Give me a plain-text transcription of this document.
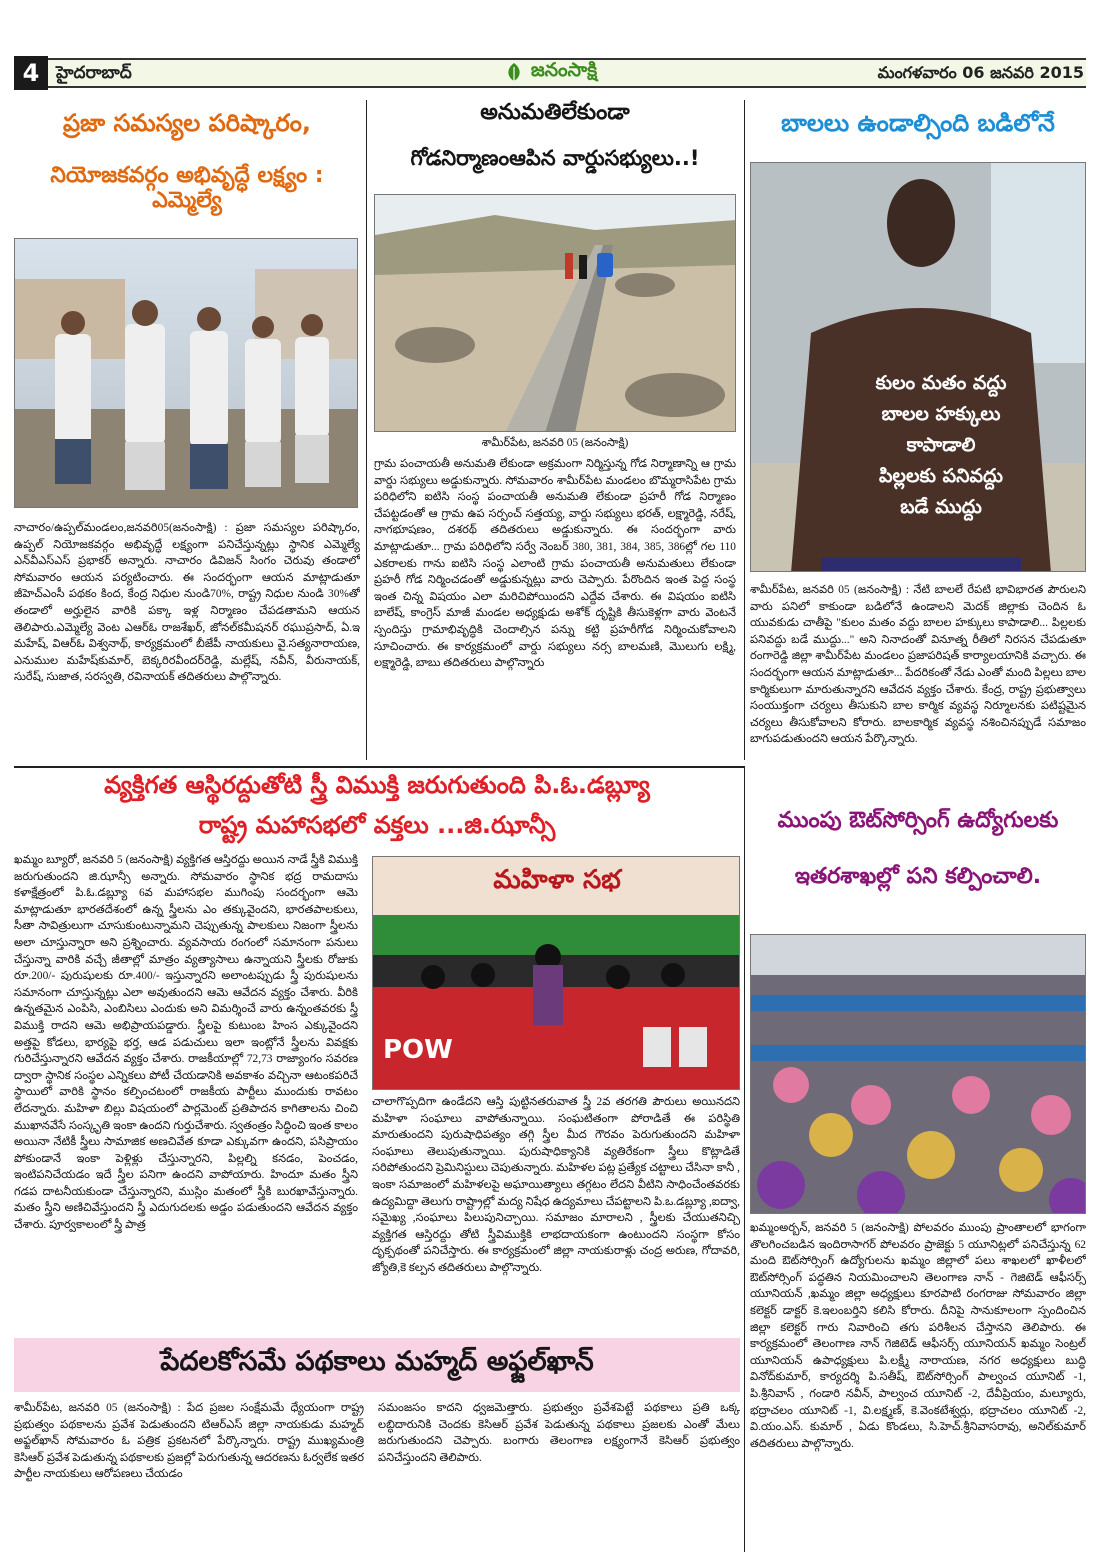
4 హైదరాబాద్	జనంసాక్షి	మంగళవారం 06 జనవరి 2015
ప్రజా సమస్యల పరిష్కారం,
నియోజకవర్గం అభివృద్ధే లక్ష్యం : ఎమ్మెల్యే
నాచారం/ఉప్పల్‌మండలం,జనవరి05(జనంసాక్షి) : ప్రజా సమస్యల పరిష్కారం, ఉప్పల్ నియోజకవర్గం అభివృద్ధే లక్ష్యంగా పనిచేస్తున్నట్లు స్థానిక ఎమ్మెల్యే ఎన్‌వీఎస్‌ఎస్ ప్రభాకర్ అన్నారు. నాచారం డివిజన్ సింగం చెరువు తండాలో సోమవారం ఆయన పర్యటించారు. ఈ సందర్భంగా ఆయన మాట్లాడుతూ జీహెచ్‌ఎంసీ పథకం కింద, కేంద్ర నిధుల నుండి70%, రాష్ట్ర నిధుల నుండి 30%తో తండాలో అర్హులైన వారికి పక్కా ఇళ్ల నిర్మాణం చేపడతామని ఆయన తెలిపారు.ఎమ్మెల్యే వెంట ఎఆర్‌ఓ రాజశేఖర్, జోనల్‌కమీషనర్ రఘుప్రసాద్, ఏ.ఇ మహేష్, విఆర్‌ఓ విశ్వనాథ్, కార్యక్రమంలో బీజేపీ నాయకులు వై.సత్యనారాయణ, ఎనుముల మహేష్‌కుమార్, బెక్కరిరవీందర్‌రెడ్డి, మల్లేష్, నవీన్, వీరునాయక్, సురేష్, సుజాత, సరస్వతి, రవినాయక్ తదితరులు పాల్గొన్నారు.
అనుమతిలేకుండా
గోడనిర్మాణంఆపిన వార్డుసభ్యులు..!
శామీర్‌పేట, జనవరి 05 (జనంసాక్షి)
గ్రామ పంచాయతీ అనుమతి లేకుండా అక్రమంగా నిర్మిస్తున్న గోడ నిర్మాణాన్ని ఆ గ్రామ వార్డు సభ్యులు అడ్డుకున్నారు. సోమవారం శామీర్‌పేట మండలం బొమ్మరాసిపేట గ్రామ పరిధిలోని ఐటిసి సంస్థ పంచాయతీ అనుమతి లేకుండా ప్రహరీ గోడ నిర్మాణం చేపట్టడంతో ఆ గ్రామ ఉప సర్పంచ్ సత్తయ్య, వార్డు సభ్యులు భరత్, లక్ష్మారెడ్డి, నరేష్, నాగభూషణం, దశరథ్ తదితరులు అడ్డుకున్నారు. ఈ సందర్భంగా వారు మాట్లాడుతూ... గ్రామ పరిధిలోని సర్వే నెంబర్ 380, 381, 384, 385, 386ల్లో గల 110 ఎకరాలకు గాను ఐటిసి సంస్థ ఎలాంటి గ్రామ పంచాయతీ అనుమతులు లేకుండా ప్రహరీ గోడ నిర్మించడంతో అడ్డుకున్నట్లు వారు చెప్పారు. పేరొందిన ఇంత పెద్ద సంస్థ ఇంత చిన్న విషయం ఎలా మరిచిపోయిందని ఎద్దేవ చేశారు. ఈ విషయం ఐటిసి బాలేష్, కాంగ్రెస్ మాజీ మండల అధ్యక్షుడు అశోక్ దృష్టికి తీసుకెళ్లగా వారు వెంటనే స్పందిస్తు గ్రామాభివృద్ధికి చెందాల్సిన పన్ను కట్టి ప్రహరీగోడ నిర్మించుకోవాలని సూచించారు. ఈ కార్యక్రమంలో వార్డు సభ్యులు నర్స బాలమణి, మొలుగు లక్ష్మి, లక్ష్మారెడ్డి, బాబు తదితరులు పాల్గొన్నారు
బాలలు ఉండాల్సింది బడిలోనే
కులం మతం వద్దు
బాలల హక్కులు
కాపాడాలి
పిల్లలకు పనివద్దు
బడే ముద్దు
శామీర్‌పేట, జనవరి 05 (జనంసాక్షి) : నేటి బాలలే రేపటి భావిభారత పౌరులని వారు పనిలో కాకుండా బడిలోనే ఉండాలని మెదక్ జిల్లాకు చెందిన ఓ యువకుడు చాతీపై "కులం మతం వద్దు బాలల హక్కులు కాపాడాలి... పిల్లలకు పనివద్దు బడే ముద్దు..." అని నినాదంతో వినూత్న రీతిలో నిరసన చేపడుతూ రంగారెడ్డి జిల్లా శామీర్‌పేట మండలం ప్రజాపరిషత్ కార్యాలయానికి వచ్చారు. ఈ సందర్భంగా ఆయన మాట్లాడుతూ... పేదరికంతో నేడు ఎంతో మంది పిల్లలు బాల కార్మికులుగా మారుతున్నారని ఆవేదన వ్యక్తం చేశారు. కేంద్ర, రాష్ట్ర ప్రభుత్వాలు సంయుక్తంగా చర్యలు తీసుకుని బాల కార్మిక వ్యవస్థ నిర్మూలనకు పటిష్టమైన చర్యలు తీసుకోవాలని కోరారు. బాలకార్మిక వ్యవస్థ నశించినప్పుడే సమాజం బాగుపడుతుందని ఆయన పేర్కొన్నారు.
వ్యక్తిగత ఆస్థిరద్దుతోటి స్త్రీ విముక్తి జరుగుతుంది పి.ఓ.డబ్ల్యూ
రాష్ట్ర మహాసభలో వక్తలు ...జి.ఝాన్సీ
ఖమ్మం బ్యూరో, జనవరి 5 (జనంసాక్షి) వ్యక్తిగత ఆస్తిరద్దు అయిన నాడే స్త్రీకి విముక్తి జరుగుతుందని జి.ఝాన్సీ అన్నారు. సోమవారం స్థానిక భద్ర రామదాసు కళాక్షేత్రంలో పి.ఓ.డబ్ల్యూ 6వ మహాసభల ముగింపు సందర్భంగా ఆమె మాట్లాడుతూ భారతదేశంలో ఉన్న స్త్రీలను ఎం తక్కువైందని, భారతపాలకులు, సీతా సావిత్రులుగా చూసుకుంటున్నామని చెప్పుతున్న పాలకులు నిజంగా స్త్రీలను అలా చూస్తున్నారా అని ప్రశ్నించారు. వ్యవసాయ రంగంలో సమానంగా పనులు చేస్తున్నా వారికి వచ్చే జీతాల్లో మాత్రం వ్యత్యాసాలు ఉన్నాయని స్త్రీలకు రోజుకు రూ.200/- పురుషులకు రూ.400/- ఇస్తున్నారని అలాంటప్పుడు స్త్రీ పురుషులను సమానంగా చూస్తున్నట్లు ఎలా అవుతుందని ఆమె ఆవేదన వ్యక్తం చేశారు. వీరికి ఉన్నతమైన ఎంపిసి, ఎంబిసిలు ఎందుకు అని విమర్శించే వారు ఉన్నంతవరకు స్త్రీ విముక్తి రాదని ఆమె అభిప్రాయపడ్డారు. స్త్రీలపై కుటుంబ హింస ఎక్కువైందని అత్తపై కోడలు, భార్యపై భర్త, ఆడ పడుచులు ఇలా ఇంట్లోనే స్త్రీలను వివక్షకు గురిచేస్తున్నారని ఆవేదన వ్యక్తం చేశారు. రాజకీయాల్లో 72,73 రాజ్యాంగం సవరణ ద్వారా స్థానిక సంస్థల ఎన్నికలు పోటీ చేయడానికి అవకాశం వచ్చినా ఆటంకపరిచే స్థాయిలో వారికి స్థానం కల్పించటంలో రాజకీయ పార్టీలు ముందుకు రావటం లేదన్నారు. మహిళా బిల్లు విషయంలో పార్లమెంట్ ప్రతిపాదన కాగితాలను చించి ముఖానవేసే సంస్కృతి ఇంకా ఉందని గుర్తుచేశారు. స్వతంత్రం సిద్ధించి ఇంత కాలం అయినా నేటికీ స్త్రీలు సామాజిక అణచివేత కూడా ఎక్కువగా ఉందని, పసిప్రాయం పోకుండానే ఇంకా పెళ్లిళ్లు చేస్తున్నారని, పిల్లల్ని కనడం, పెంచడం, ఇంటిపనిచేయడం ఇదే స్త్రీల పనిగా ఉందని వాపోయారు. హిందూ మతం స్త్రీని గడప దాటనీయకుండా చేస్తున్నారని, ముస్లిం మతంలో స్త్రీకి బురఖావేస్తున్నారు. మతం స్త్రీని అణిచివేస్తుందని స్త్రీ ఎదుగుదలకు అడ్డం పడుతుందని ఆవేదన వ్యక్తం చేశారు. పూర్వకాలంలో స్త్రీ పాత్ర
మహిళా సభ
POW
చాలాగొప్పదిగా ఉండేదని ఆస్తి పుట్టినతరువాత స్త్రీ 2వ తరగతి పౌరులు అయినదని మహిళా సంఘాలు వాపోతున్నాయి. సంఘటితంగా పోరాడితే ఈ పరిస్థితి మారుతుందని పురుషాధిపత్యం తగ్గి స్త్రీల మీద గౌరవం పెరుగుతుందని మహిళా సంఘాలు తెలుపుతున్నాయి. పురుషాధిక్యానికి వ్యతిరేకంగా స్త్రీలు కొట్లాడితే సరిపోతుందని ప్రెమినిస్టులు చెపుతున్నారు. మహిళల పట్ల ప్రత్యేక చట్టాలు చేసినా కానీ , ఇంకా సమాజంలో మహిళలపై అఘాయిత్యాలు తగ్గటం లేదని వీటిని సాధించేంతవరకు ఉద్యమిద్దా తెలుగు రాష్ట్రాల్లో మద్య నిషేధ ఉద్యమాలు చేపట్టాలని పి.ఒ.డబ్ల్యూ ,ఐద్వా, సమైఖ్య ,సంఘాలు పిలుపునిచ్చాయి. సమాజం మారాలని , స్త్రీలకు చేయుతనిచ్చి వ్యక్తిగత ఆస్తిరద్దు తోటి స్త్రీవిముక్తికి లాభదాయకంగా ఉంటుందని సంస్థగా కోసం దృక్పథంతో పనిచేస్తారు. ఈ కార్యక్రమంలో జిల్లా నాయకురాళ్లు చంద్ర అరుణ, గోదావరి, జ్యోతి,కె కల్పన తదితరులు పాల్గొన్నారు.
ముంపు ఔట్‌సోర్సింగ్ ఉద్యోగులకు
ఇతరశాఖల్లో పని కల్పించాలి.
ఖమ్మంఅర్బన్, జనవరి 5 (జనంసాక్షి) పోలవరం ముంపు ప్రాంతాలలో భాగంగా తొలగించబడిన ఇందిరాసాగర్ పోలవరం ప్రాజెక్టు 5 యూనిట్లలో పనిచేస్తున్న 62 మంది ఔట్‌సోర్సింగ్ ఉద్యోగులను ఖమ్మం జిల్లాలో పలు శాఖలలో ఖాళీలలో ఔట్‌సోర్సింగ్ పద్ధతిన నియమించాలని తెలంగాణ నాన్ - గెజిటెడ్ ఆఫీసర్స్ యూనియన్ ,ఖమ్మం జిల్లా అధ్యక్షులు కూరపాటి రంగరాజు సోమవారం జిల్లా కలెక్టర్‌ డాక్టర్ కె.ఇలంబర్తిని కలిసి కోరారు. దీనిపై సానుకూలంగా స్పందించిన జిల్లా కలెక్టర్ గారు నివారించి తగు పరిశీలన చేస్తానని తెలిపారు. ఈ కార్యక్రమంలో తెలంగాణ నాన్ గెజిటెడ్ ఆఫీసర్స్ యూనియన్ ఖమ్మం సెంట్రల్ యూనియన్ ఉపాధ్యక్షులు పి.లక్ష్మీ నారాయణ, నగర అధ్యక్షులు బుద్ధి వినోద్‌కుమార్, కార్యదర్శి పి.సతీష్, ఔట్‌సోర్సింగ్ పాల్వంచ యూనిట్ -1, పి.శ్రీనివాస్ , గండారి నవీన్, పాల్వంచ యూనిట్ -2, దేవీప్రియం, మల్యూరు, భద్రాచలం యూనిట్ -1, వి.లక్ష్మణ్, కె.వెంకటేశ్వర్లు, భద్రాచలం యూనిట్ -2, వి.యం.ఎస్. కుమార్ , ఏడు కొండలు, సి.హెచ్.శ్రీనివాసరావు, అనిల్‌కుమార్ తదితరులు పాల్గొన్నారు.
పేదలకోసమే పథకాలు మహ్మద్ అఫ్జల్‌ఖాన్
శామీర్‌పేట, జనవరి 05 (జనంసాక్షి) : పేద ప్రజల సంక్షేమమే ధ్యేయంగా రాష్ట్ర ప్రభుత్వం పథకాలను ప్రవేశ పెడుతుందని టిఆర్‌ఎస్ జిల్లా నాయకుడు మహ్మద్ అఫ్జల్‌ఖాన్ సోమవారం ఓ పత్రిక ప్రకటనలో పేర్కొన్నారు. రాష్ట్ర ముఖ్యమంత్రి కెసిఆర్ ప్రవేశ పెడుతున్న పథకాలకు ప్రజల్లో పెరుగుతున్న ఆదరణను ఓర్వలేక ఇతర పార్టీల నాయకులు ఆరోపణలు చేయడం
సమంజసం కాదని ధ్వజమెత్తారు. ప్రభుత్వం ప్రవేశపెట్టే పథకాలు ప్రతి ఒక్క లబ్ధిదారునికి చెందకు కెసిఆర్ ప్రవేశ పెడుతున్న పథకాలు ప్రజలకు ఎంతో మేలు జరుగుతుందని చెప్పారు. బంగారు తెలంగాణ లక్ష్యంగానే కెసిఆర్ ప్రభుత్వం పనిచేస్తుందని తెలిపారు.
